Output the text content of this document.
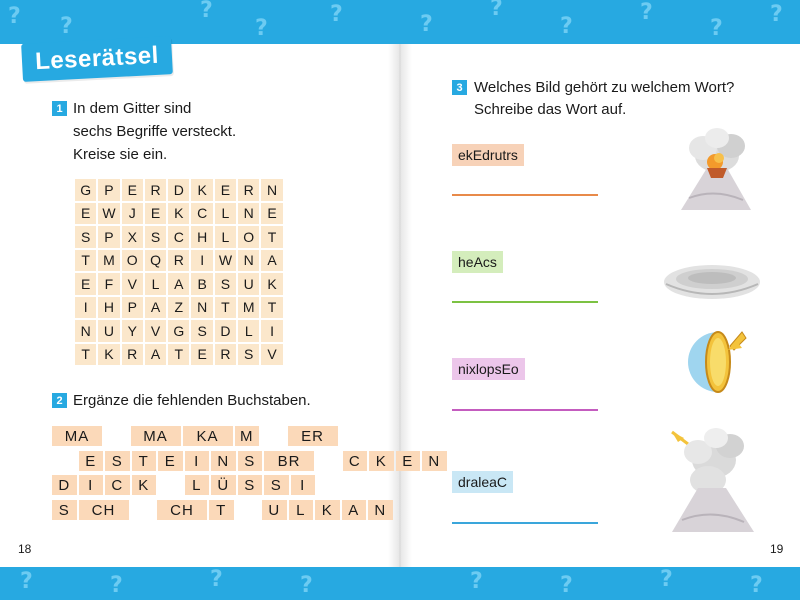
? ?
?
?
?	?
?
?
?
?
?
?	?	?	?	?	?	?	?
Leserätsel
1 In dem Gitter sind
sechs Begriffe versteckt.
Kreise sie ein.
G P E R D K E R N
E W J	E K C	L	N E
S P X S C H	L O T
T M O Q R	I	W N A
E	F	V	L	A B S U K
I	H P A	Z N T M T
N U Y V G S D	L	I
T	K R A	T	E R S V
2 Ergänze die fehlenden Buchstaben.
MA	MA	KA	M	ER
E	S	T	E	I	N	S	BR	C	K	E	N
D	I	C	K	L	Ü	S	S	I
S	CH	CH	T	U	L	K	A	N
18
3 Welches Bild gehört zu welchem Wort?
Schreibe das Wort auf.
ekEdrutrs
heAcs
nixlopsEo
draleaC
19
